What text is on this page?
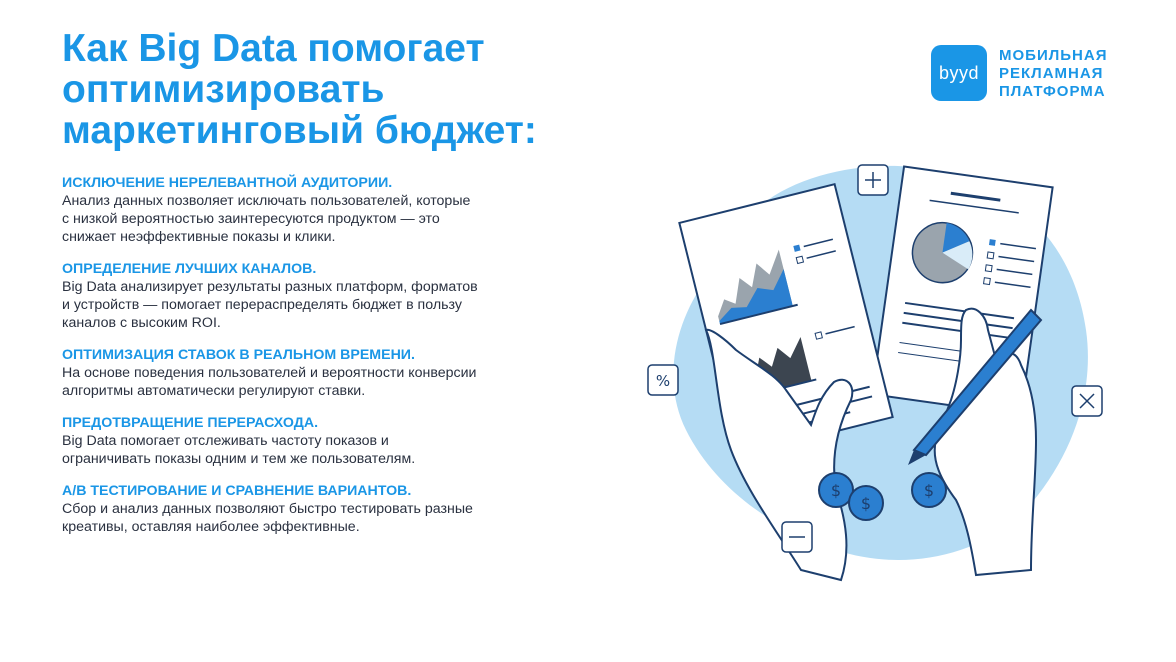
Как Big Data помогает
оптимизировать
маркетинговый бюджет:
byyd
МОБИЛЬНАЯ
РЕКЛАМНАЯ
ПЛАТФОРМА

ИСКЛЮЧЕНИЕ НЕРЕЛЕВАНТНОЙ АУДИТОРИИ.

Анализ данных позволяет исключать пользователей, которые
с низкой вероятностью заинтересуются продуктом — это
снижает неэффективные показы и клики.

ОПРЕДЕЛЕНИЕ ЛУЧШИХ КАНАЛОВ.

Big Data анализирует результаты разных платформ, форматов
и устройств — помогает перераспределять бюджет в пользу
каналов с высоким ROI.

ОПТИМИЗАЦИЯ СТАВОК В РЕАЛЬНОМ ВРЕМЕНИ.

На основе поведения пользователей и вероятности конверсии
алгоритмы автоматически регулируют ставки.

ПРЕДОТВРАЩЕНИЕ ПЕРЕРАСХОДА.

Big Data помогает отслеживать частоту показов и
ограничивать показы одним и тем же пользователям.

A/B ТЕСТИРОВАНИЕ И СРАВНЕНИЕ ВАРИАНТОВ.

Сбор и анализ данных позволяют быстро тестировать разные
креативы, оставляя наиболее эффективные.

$
$
$
%
